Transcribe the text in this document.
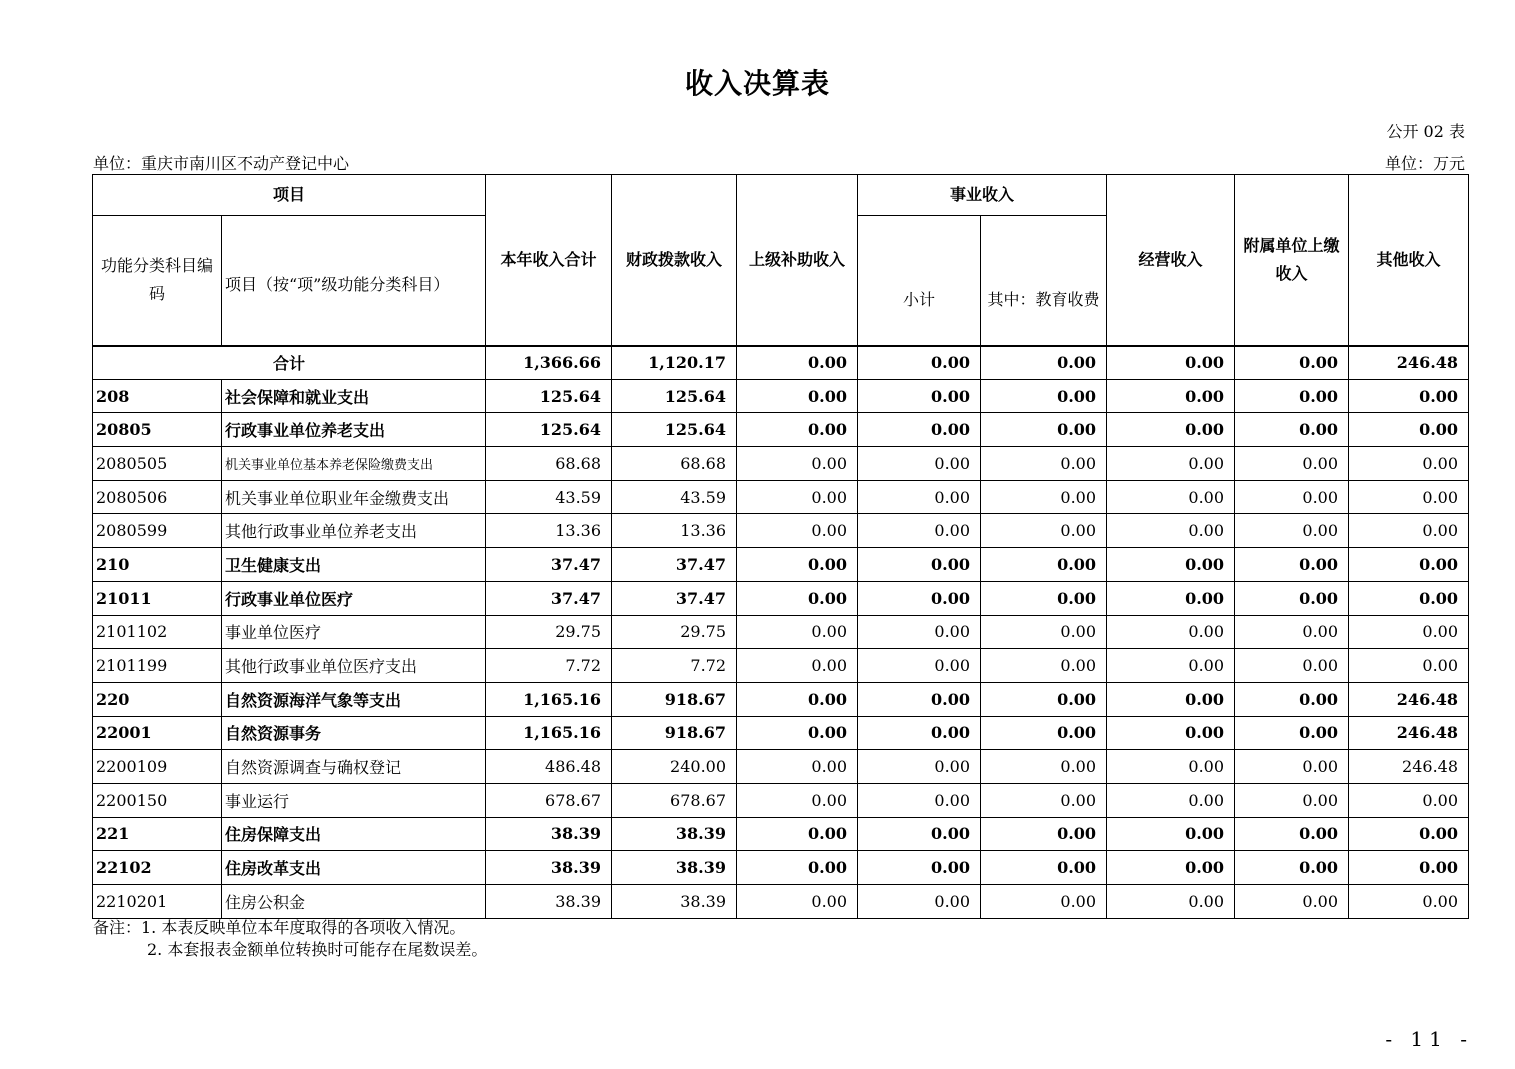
收入决算表
公开 02 表
单位：重庆市南川区不动产登记中心	单位：万元
项目		本年收入合计	财政拨款收入	上级补助收入	事业收入		经营收入	附属单位上缴收入	其他收入
功能分类科目编码	项目（按“项”级功能分类科目）				小计	其中：教育收费			
合计		1,366.66	1,120.17	0.00	0.00	0.00	0.00	0.00	246.48
208	社会保障和就业支出	125.64	125.64	0.00	0.00	0.00	0.00	0.00	0.00
20805	行政事业单位养老支出	125.64	125.64	0.00	0.00	0.00	0.00	0.00	0.00
2080505	机关事业单位基本养老保险缴费支出	68.68	68.68	0.00	0.00	0.00	0.00	0.00	0.00
2080506	机关事业单位职业年金缴费支出	43.59	43.59	0.00	0.00	0.00	0.00	0.00	0.00
2080599	其他行政事业单位养老支出	13.36	13.36	0.00	0.00	0.00	0.00	0.00	0.00
210	卫生健康支出	37.47	37.47	0.00	0.00	0.00	0.00	0.00	0.00
21011	行政事业单位医疗	37.47	37.47	0.00	0.00	0.00	0.00	0.00	0.00
2101102	事业单位医疗	29.75	29.75	0.00	0.00	0.00	0.00	0.00	0.00
2101199	其他行政事业单位医疗支出	7.72	7.72	0.00	0.00	0.00	0.00	0.00	0.00
220	自然资源海洋气象等支出	1,165.16	918.67	0.00	0.00	0.00	0.00	0.00	246.48
22001	自然资源事务	1,165.16	918.67	0.00	0.00	0.00	0.00	0.00	246.48
2200109	自然资源调查与确权登记	486.48	240.00	0.00	0.00	0.00	0.00	0.00	246.48
2200150	事业运行	678.67	678.67	0.00	0.00	0.00	0.00	0.00	0.00
221	住房保障支出	38.39	38.39	0.00	0.00	0.00	0.00	0.00	0.00
22102	住房改革支出	38.39	38.39	0.00	0.00	0.00	0.00	0.00	0.00
2210201	住房公积金	38.39	38.39	0.00	0.00	0.00	0.00	0.00	0.00
备注：1. 本表反映单位本年度取得的各项收入情况。
2. 本套报表金额单位转换时可能存在尾数误差。
- 11 -
